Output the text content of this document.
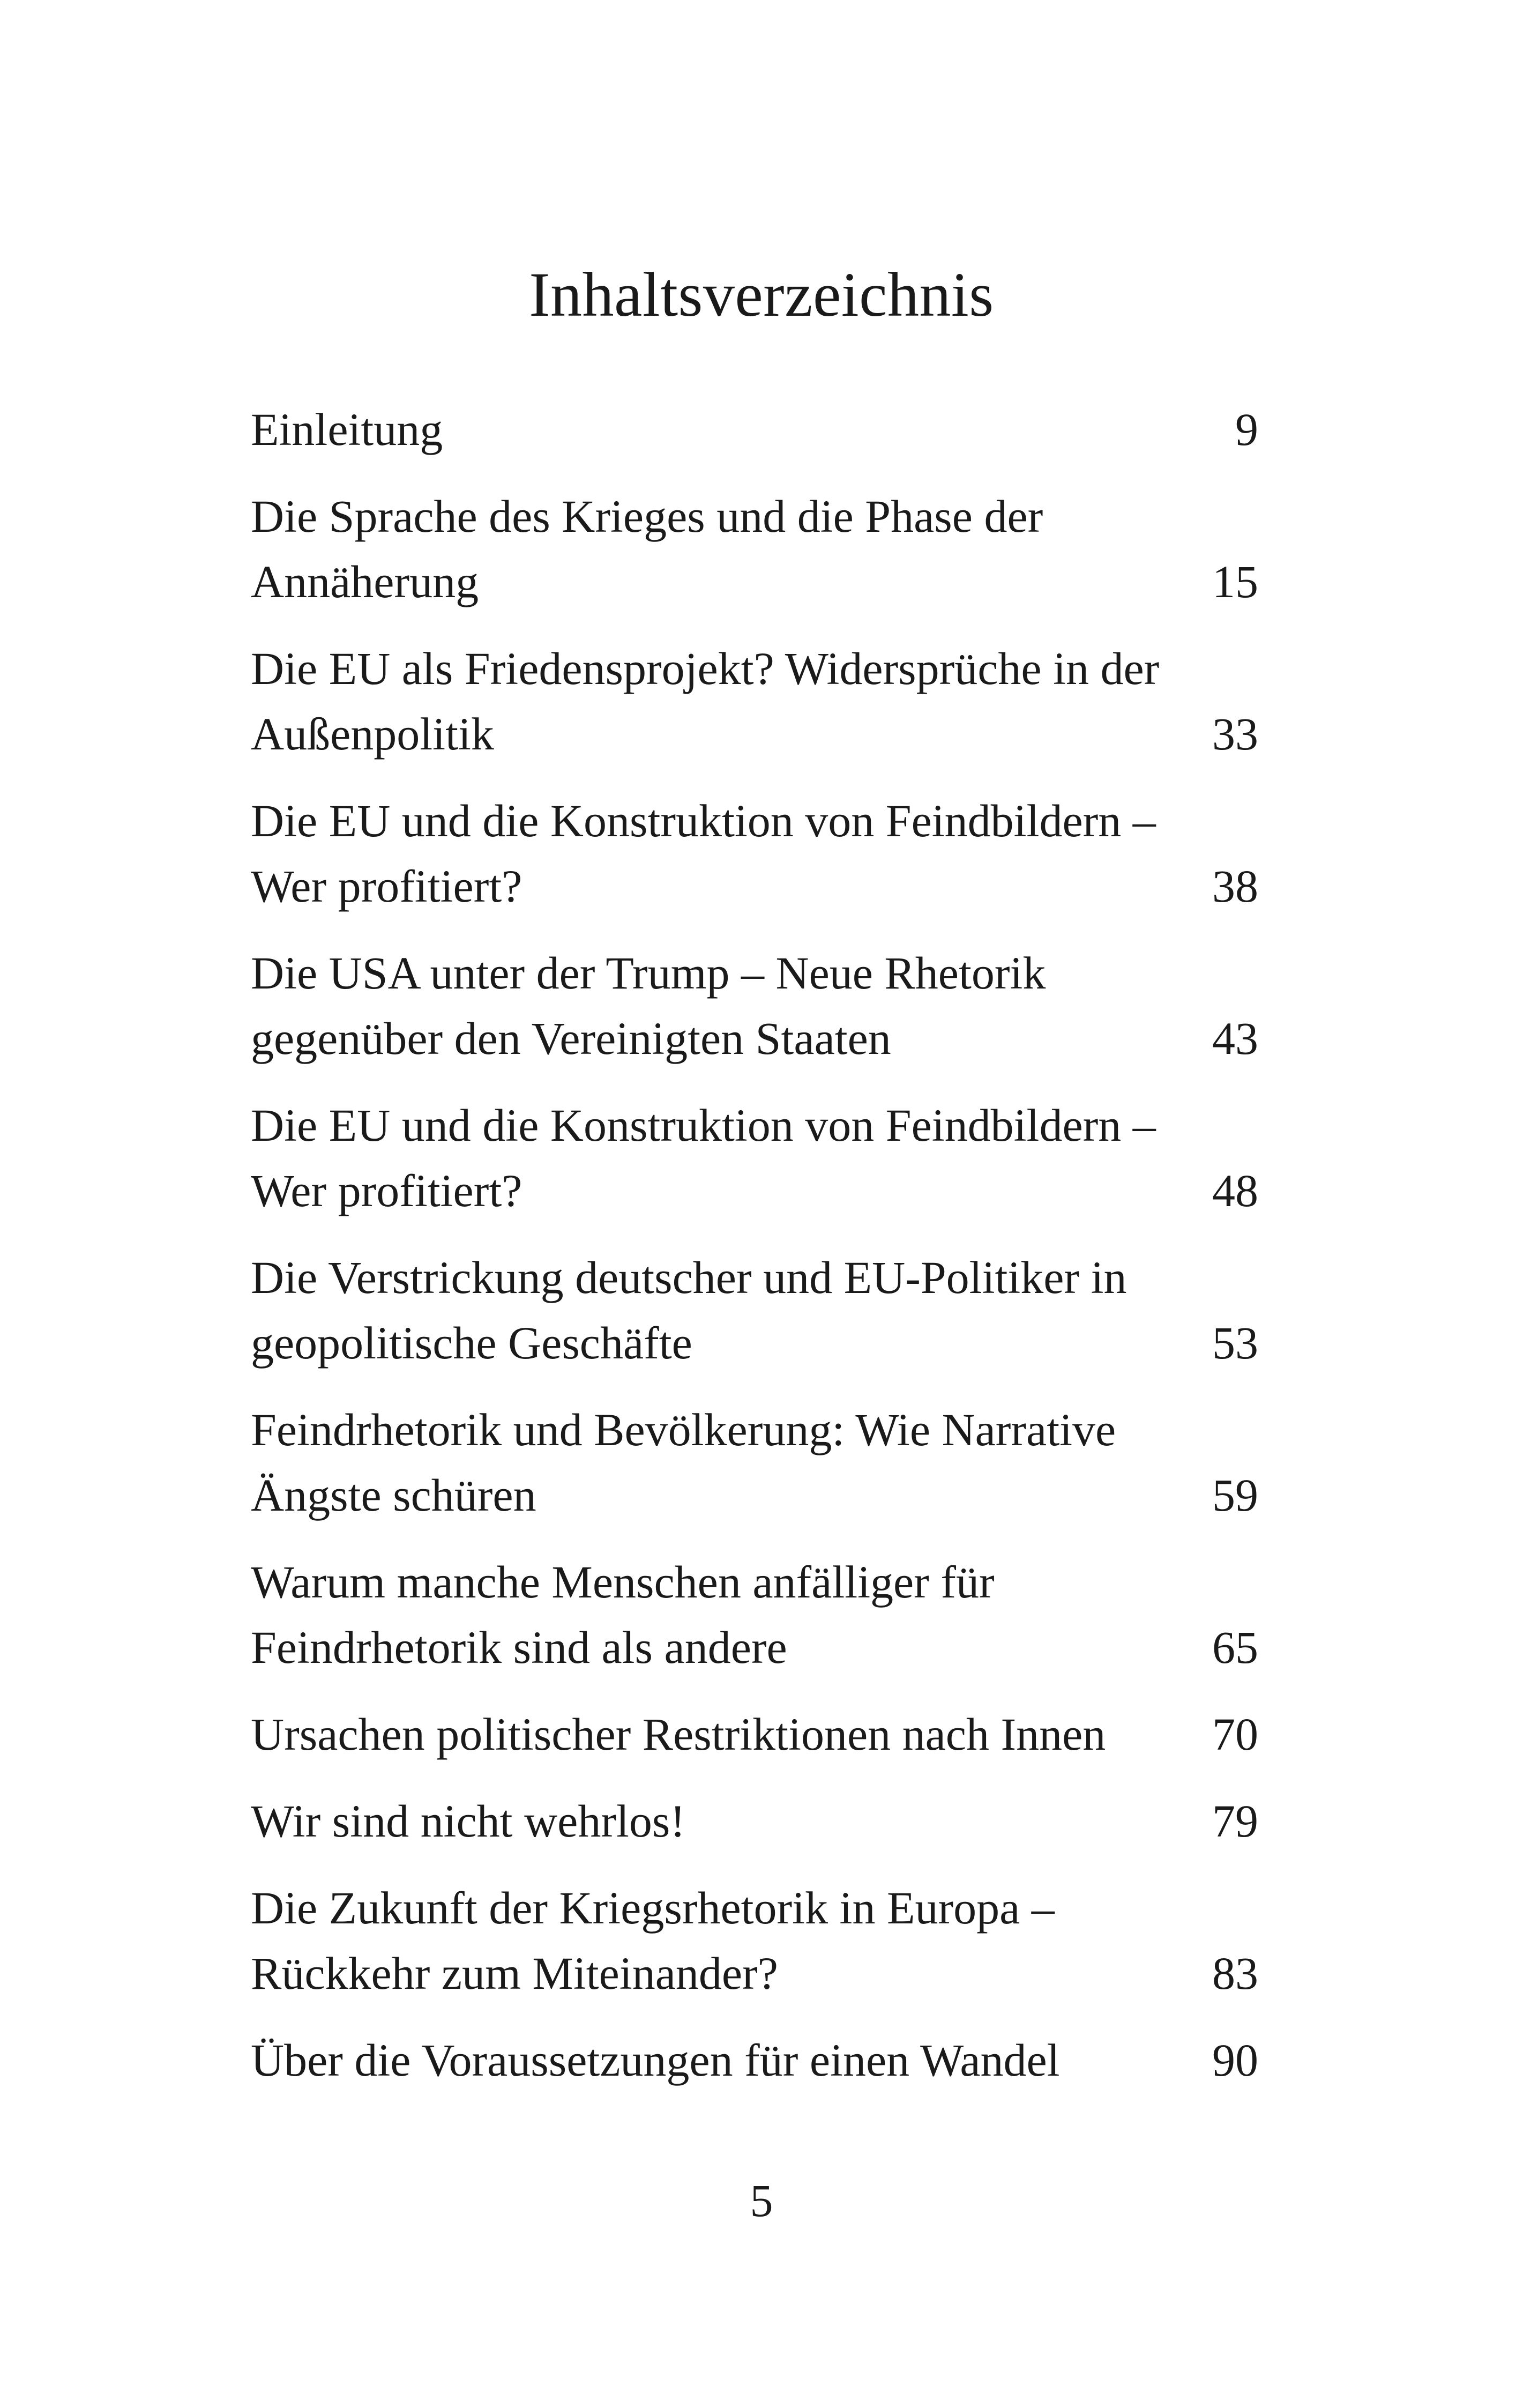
Inhaltsverzeichnis
Einleitung	9
Die Sprache des Krieges und die Phase der
Annäherung	15
Die EU als Friedensprojekt? Widersprüche in der
Außenpolitik	33
Die EU und die Konstruktion von Feindbildern –
Wer profitiert?	38
Die USA unter der Trump – Neue Rhetorik
gegenüber den Vereinigten Staaten	43
Die EU und die Konstruktion von Feindbildern –
Wer profitiert?	48
Die Verstrickung deutscher und EU-Politiker in
geopolitische Geschäfte	53
Feindrhetorik und Bevölkerung: Wie Narrative
Ängste schüren	59
Warum manche Menschen anfälliger für
Feindrhetorik sind als andere	65
Ursachen politischer Restriktionen nach Innen	70
Wir sind nicht wehrlos!	79
Die Zukunft der Kriegsrhetorik in Europa –
Rückkehr zum Miteinander?	83
Über die Voraussetzungen für einen Wandel	90
5
